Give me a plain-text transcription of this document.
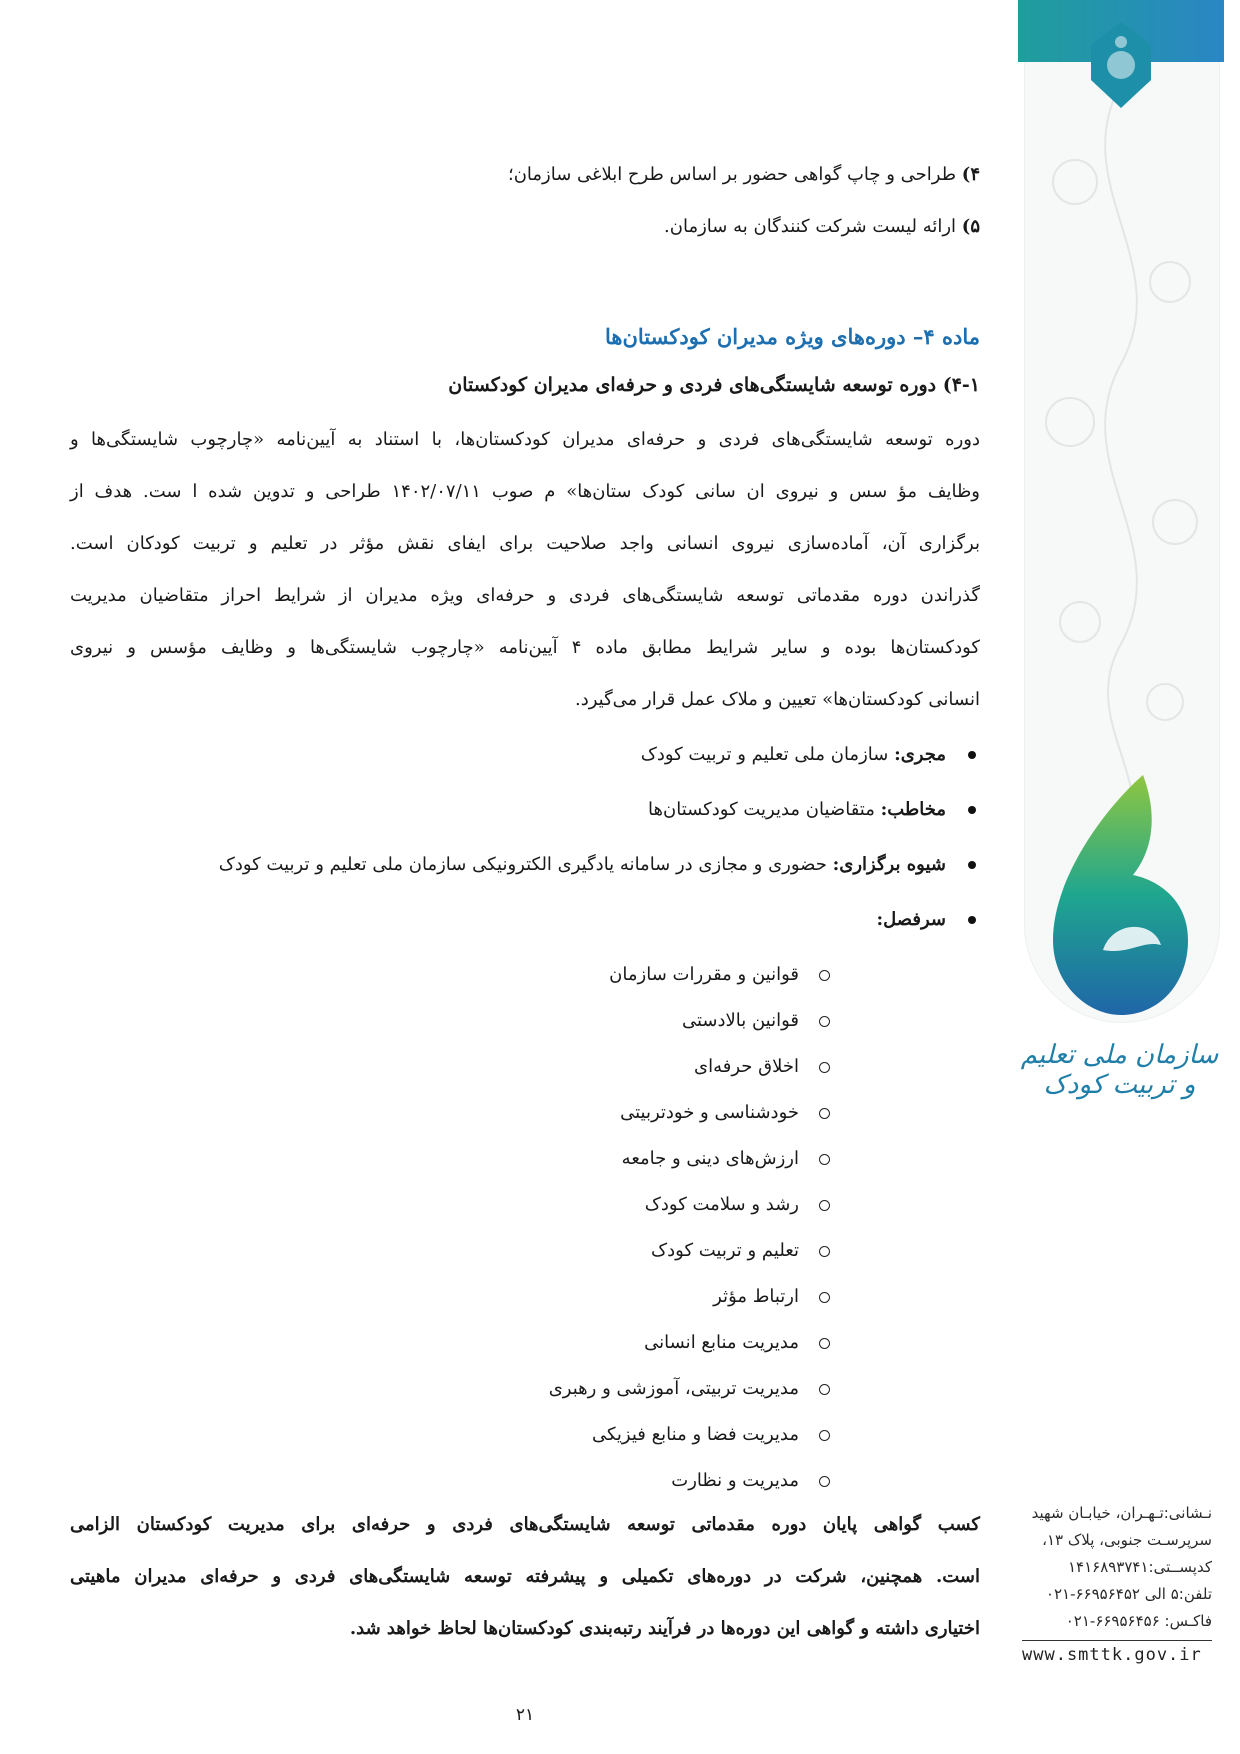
سازمان ملی تعلیم و تربیت کودک
۴) طراحی و چاپ گواهی حضور بر اساس طرح ابلاغی سازمان؛
۵) ارائه لیست شرکت کنندگان به سازمان.
ماده ۴– دوره‌های ویژه مدیران کودکستان‌ها
۴-۱) دوره توسعه شایستگی‌های فردی و حرفه‌ای مدیران کودکستان
دوره توسعه شایستگی‌های فردی و حرفه‌ای مدیران کودکستان‌ها، با استناد به آیین‌نامه «چارچوب شایستگی‌ها و
وظایف مؤ سس و نیروی ان سانی کودک ستان‌ها» م صوب ۱۴۰۲/۰۷/۱۱ طراحی و تدوین شده ا ست. هدف از
برگزاری آن، آماده‌سازی نیروی انسانی واجد صلاحیت برای ایفای نقش مؤثر در تعلیم و تربیت کودکان است.
گذراندن دوره مقدماتی توسعه شایستگی‌های فردی و حرفه‌ای ویژه مدیران از شرایط احراز متقاضیان مدیریت
کودکستان‌ها بوده و سایر شرایط مطابق ماده ۴ آیین‌نامه «چارچوب شایستگی‌ها و وظایف مؤسس و نیروی
انسانی کودکستان‌ها» تعیین و ملاک عمل قرار می‌گیرد.
مجری: سازمان ملی تعلیم و تربیت کودک
مخاطب: متقاضیان مدیریت کودکستان‌ها
شیوه برگزاری: حضوری و مجازی در سامانه یادگیری الکترونیکی سازمان ملی تعلیم و تربیت کودک
سرفصل:
قوانین و مقررات سازمان
قوانین بالادستی
اخلاق حرفه‌ای
خودشناسی و خودتربیتی
ارزش‌های دینی و جامعه
رشد و سلامت کودک
تعلیم و تربیت کودک
ارتباط مؤثر
مدیریت منابع انسانی
مدیریت تربیتی، آموزشی و رهبری
مدیریت فضا و منابع فیزیکی
مدیریت و نظارت
کسب گواهی پایان دوره مقدماتی توسعه شایستگی‌های فردی و حرفه‌ای برای مدیریت کودکستان الزامی
است. همچنین، شرکت در دوره‌های تکمیلی و پیشرفته توسعه شایستگی‌های فردی و حرفه‌ای مدیران ماهیتی
اختیاری داشته و گواهی این دوره‌ها در فرآیند رتبه‌بندی کودکستان‌ها لحاظ خواهد شد.
۲۱
نـشانی:تـهـران، خیابـان شهید
سرپرسـت جنوبی، پلاک ۱۳،
کدپســتی:۱۴۱۶۸۹۳۷۴۱
تلفن:۵ الی ۶۶۹۵۶۴۵۲-۰۲۱
فاکـس: ۶۶۹۵۶۴۵۶-۰۲۱
www.smttk.gov.ir
